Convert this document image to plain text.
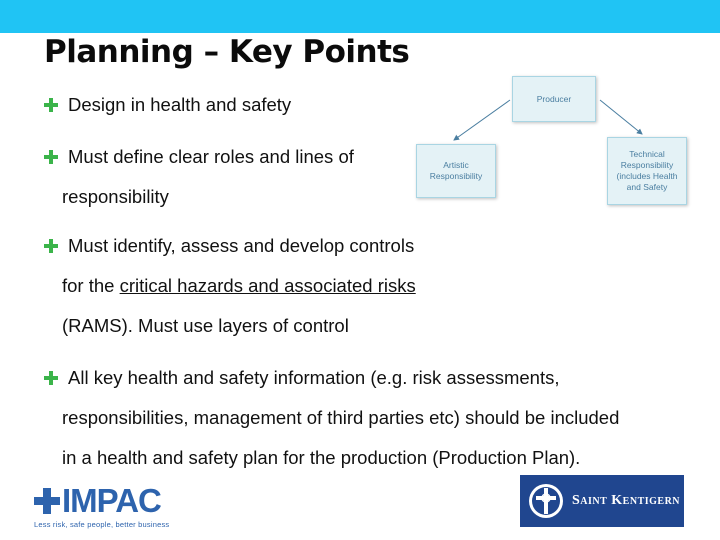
Planning – Key Points
Design in health and safety
Must define clear roles and lines of
responsibility
Must identify, assess and develop controls
for the critical hazards and associated risks
(RAMS). Must use layers of control
All key health and safety information (e.g. risk assessments,
responsibilities, management of third parties etc) should be included
in a health and safety plan for the production (Production Plan).
Producer
Artistic Responsibility
Technical Responsibility (includes Health and Safety
IMPAC
Less risk, safe people, better business
Saint Kentigern
